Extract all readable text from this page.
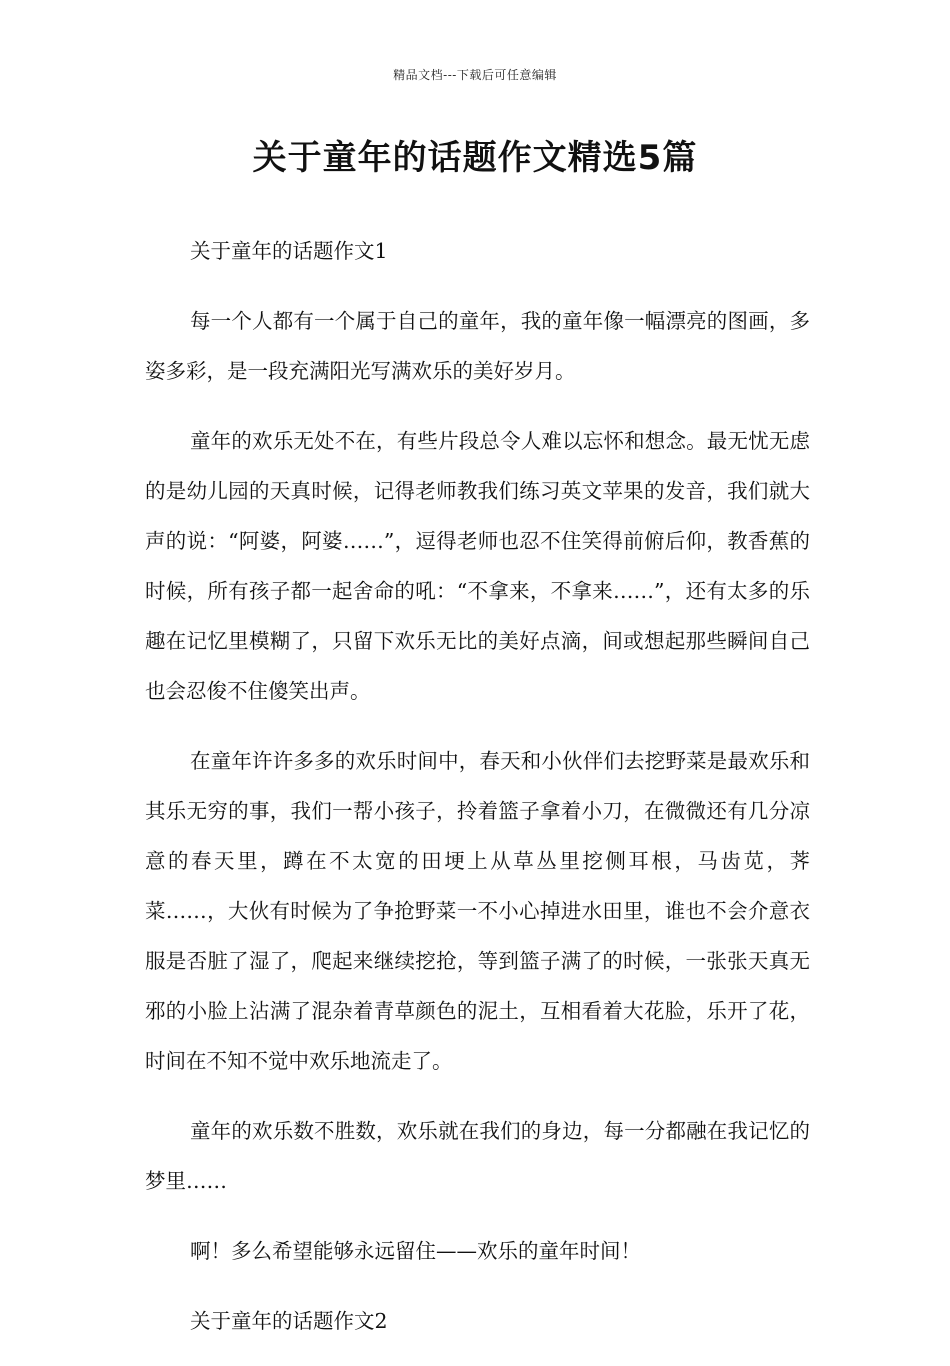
精品文档---下载后可任意编辑
关于童年的话题作文精选5篇

关于童年的话题作文1

每一个人都有一个属于自己的童年，我的童年像一幅漂亮的图画，多姿多彩，是一段充满阳光写满欢乐的美好岁月。

童年的欢乐无处不在，有些片段总令人难以忘怀和想念。最无忧无虑的是幼儿园的天真时候，记得老师教我们练习英文苹果的发音，我们就大声的说：“阿婆，阿婆……”，逗得老师也忍不住笑得前俯后仰，教香蕉的时候，所有孩子都一起舍命的吼：“不拿来，不拿来……”，还有太多的乐趣在记忆里模糊了，只留下欢乐无比的美好点滴，间或想起那些瞬间自己也会忍俊不住傻笑出声。

在童年许许多多的欢乐时间中，春天和小伙伴们去挖野菜是最欢乐和其乐无穷的事，我们一帮小孩子，拎着篮子拿着小刀，在微微还有几分凉意的春天里，蹲在不太宽的田埂上从草丛里挖侧耳根，马齿苋，荠菜……，大伙有时候为了争抢野菜一不小心掉进水田里，谁也不会介意衣服是否脏了湿了，爬起来继续挖抢，等到篮子满了的时候，一张张天真无邪的小脸上沾满了混杂着青草颜色的泥土，互相看着大花脸，乐开了花，时间在不知不觉中欢乐地流走了。

童年的欢乐数不胜数，欢乐就在我们的身边，每一分都融在我记忆的梦里……

啊！多么希望能够永远留住——欢乐的童年时间！

关于童年的话题作文2
